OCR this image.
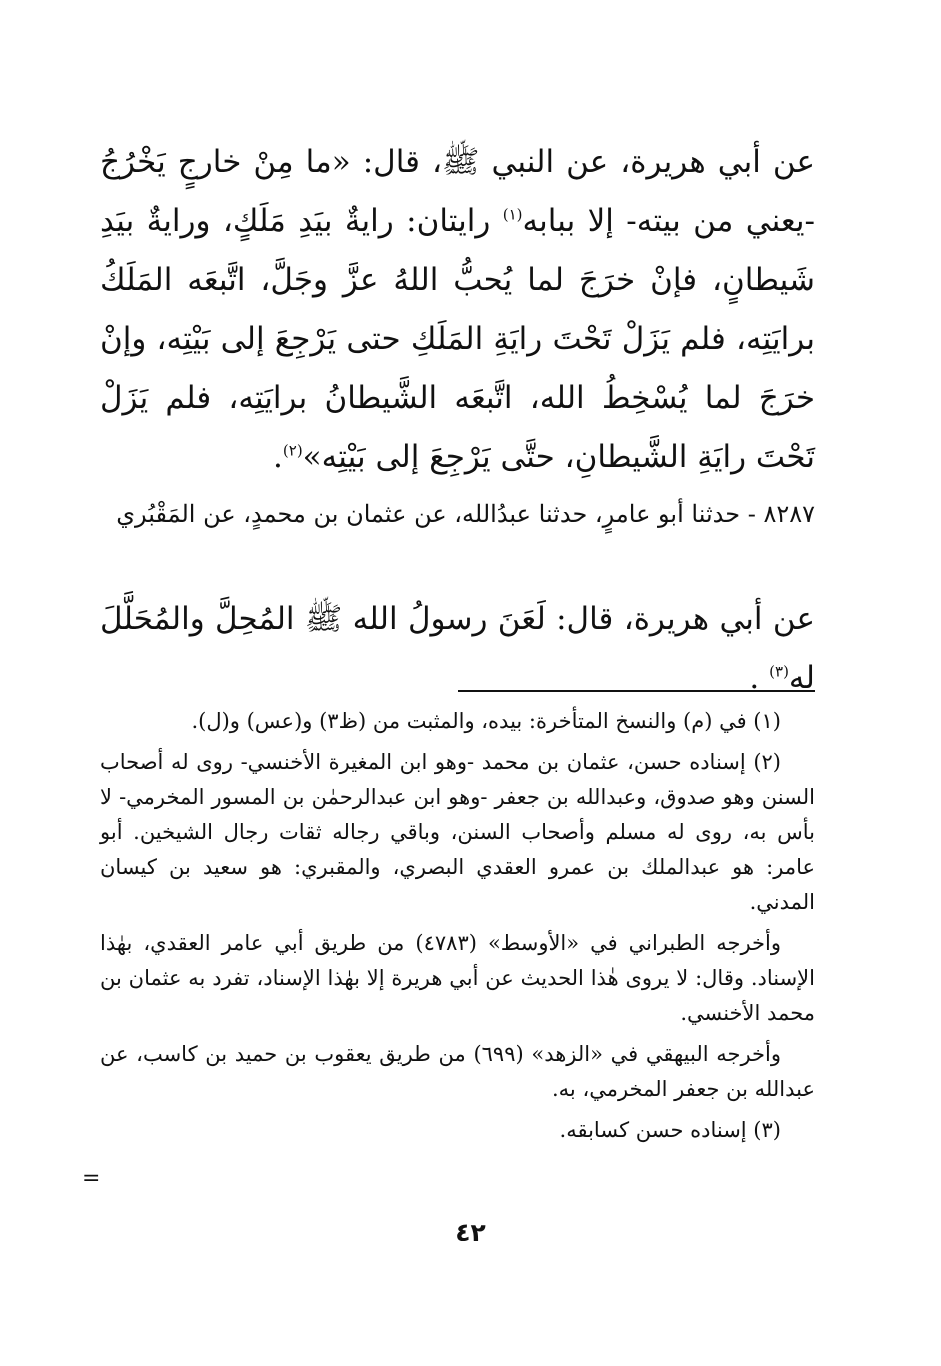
عن أبي هريرة، عن النبي ﷺ، قال: «ما مِنْ خارجٍ يَخْرُجُ -يعني من بيته- إلا ببابه$^{(١)}$ رايتان: رايةٌ بيَدِ مَلَكٍ، ورايةٌ بيَدِ شَيطانٍ، فإنْ خرَجَ لما يُحبُّ اللهُ عزَّ وجَلَّ، اتَّبعَه المَلَكُ برايَتِه، فلم يَزَلْ تَحْتَ رايَةِ المَلَكِ حتى يَرْجِعَ إلى بَيْتِه، وإنْ خرَجَ لما يُسْخِطُ الله، اتَّبعَه الشَّيطانُ برايَتِه، فلم يَزَلْ تَحْتَ رايَةِ الشَّيطانِ، حتَّى يَرْجِعَ إلى بَيْتِه»$^{(٢)}$.

٨٢٨٧ - حدثنا أبو عامرٍ، حدثنا عبدُالله، عن عثمان بن محمدٍ، عن المَقْبُري

عن أبي هريرة، قال: لَعَنَ رسولُ الله ﷺ المُحِلَّ والمُحَلَّلَ له$^{(٣)}$ .

(١) في (م) والنسخ المتأخرة: بيده، والمثبت من (ظ٣) و(عس) و(ل).

(٢) إسناده حسن، عثمان بن محمد -وهو ابن المغيرة الأخنسي- روى له أصحاب السنن وهو صدوق، وعبدالله بن جعفر -وهو ابن عبدالرحمٰن بن المسور المخرمي- لا بأس به، روى له مسلم وأصحاب السنن، وباقي رجاله ثقات رجال الشيخين. أبو عامر: هو عبدالملك بن عمرو العقدي البصري، والمقبري: هو سعيد بن كيسان المدني.

وأخرجه الطبراني في «الأوسط» (٤٧٨٣) من طريق أبي عامر العقدي، بهٰذا الإسناد. وقال: لا يروى هٰذا الحديث عن أبي هريرة إلا بهٰذا الإسناد، تفرد به عثمان بن محمد الأخنسي.

وأخرجه البيهقي في «الزهد» (٦٩٩) من طريق يعقوب بن حميد بن كاسب، عن عبدالله بن جعفر المخرمي، به.

(٣) إسناده حسن كسابقه.

=
٤٢
